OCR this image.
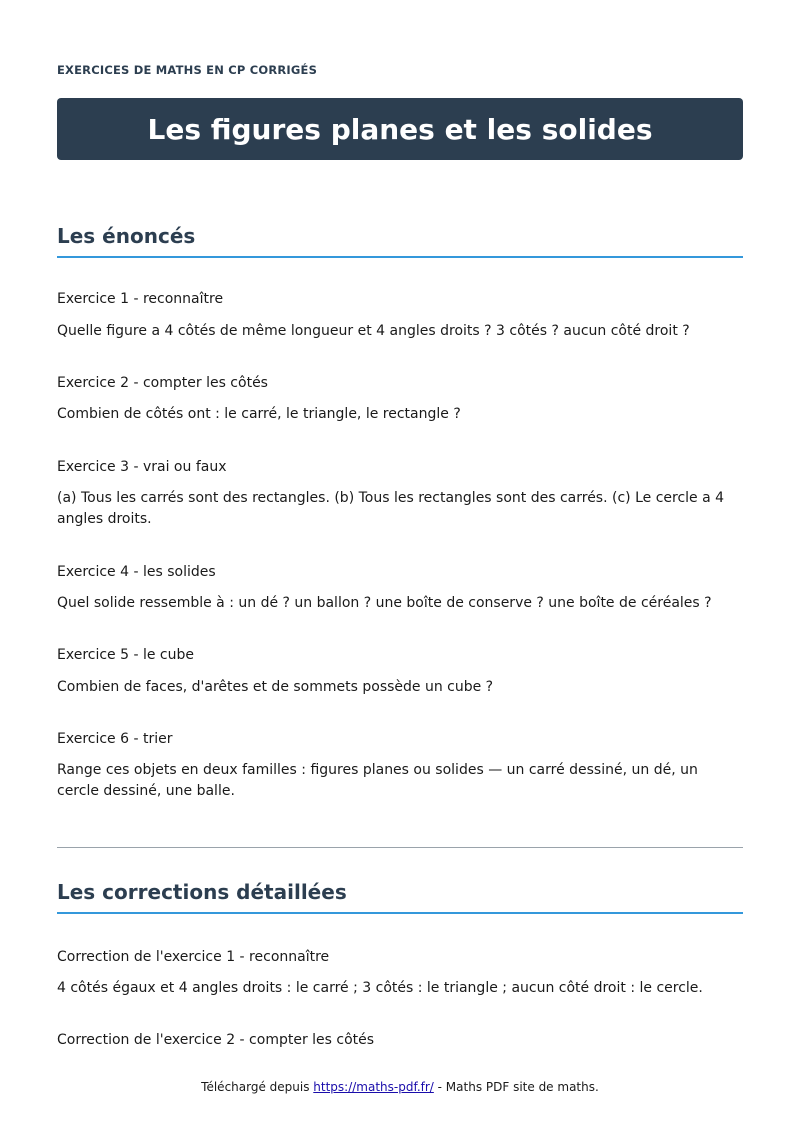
EXERCICES DE MATHS EN CP CORRIGÉS
Les figures planes et les solides
Les énoncés
Exercice 1 - reconnaître
Quelle figure a 4 côtés de même longueur et 4 angles droits ? 3 côtés ? aucun côté droit ?
Exercice 2 - compter les côtés
Combien de côtés ont : le carré, le triangle, le rectangle ?
Exercice 3 - vrai ou faux
(a) Tous les carrés sont des rectangles. (b) Tous les rectangles sont des carrés. (c) Le cercle a 4 angles droits.
Exercice 4 - les solides
Quel solide ressemble à : un dé ? un ballon ? une boîte de conserve ? une boîte de céréales ?
Exercice 5 - le cube
Combien de faces, d'arêtes et de sommets possède un cube ?
Exercice 6 - trier
Range ces objets en deux familles : figures planes ou solides — un carré dessiné, un dé, un cercle dessiné, une balle.
Les corrections détaillées
Correction de l'exercice 1 - reconnaître
4 côtés égaux et 4 angles droits : le carré ; 3 côtés : le triangle ; aucun côté droit : le cercle.
Correction de l'exercice 2 - compter les côtés
Téléchargé depuis https://maths-pdf.fr/ - Maths PDF site de maths.
